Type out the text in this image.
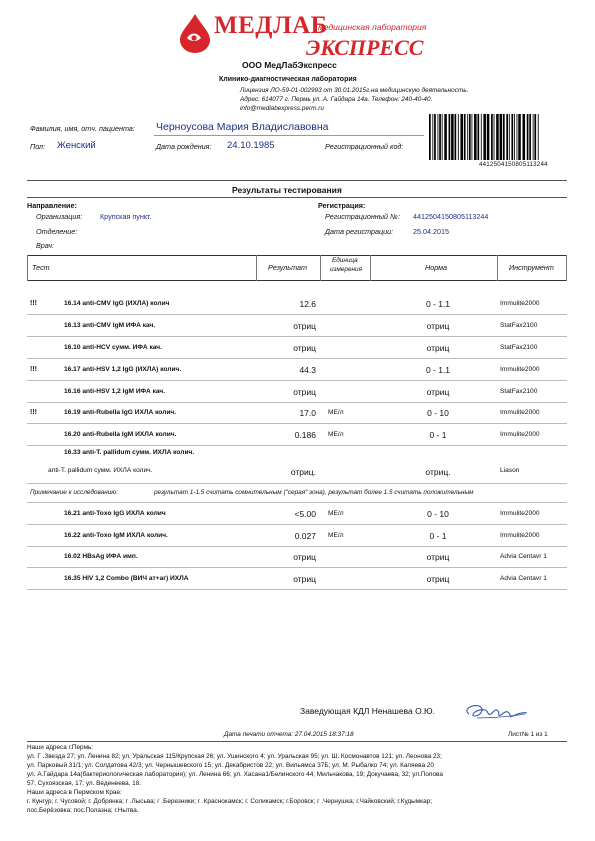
МЕДЛАБ
медицинская лаборатория
ЭКСПРЕСС
ООО МедЛабЭкспресс
Клинико-диагностическая лаборатория
Лицензия ЛО-59-01-002993 от 30.01.2015г.на медицинскую деятельность.
Адрес: 614077 г. Пермь ул. А. Гайдара 14а. Телефон: 240-40-40.
info@medlabexpress.perm.ru
4412504150805113244
Фамилия, имя, отч. пациента: Черноусова Мария Владиславовна
Пол: Женский	Дата рождения: 24.10.1985	Регистрационный код:
Результаты тестирования
Направление:
Организация: Крупская пункт.
Отделение:
Врач:
Регистрация:
Регистрационный №: 4412504150805113244
Дата регистрации:	25.04.2015
Тест	Результат
Единица
измерения	Норма	Инструмент
!!!	16.14 anti-CMV IgG (ИХЛА) колич	12.6	0 - 1.1	Immulite2000
16.13 anti-CMV IgM ИФА кач.	отриц	отриц	StatFax2100
16.10 anti-HCV сумм. ИФА кач.	отриц	отриц	StatFax2100
!!!	16.17 anti-HSV 1,2 IgG (ИХЛА) колич.	44.3	0 - 1.1	Immulite2000
16.16 anti-HSV 1,2 IgM ИФА кач.	отриц	отриц	StatFax2100
!!!	16.19 anti-Rubella IgG ИХЛА колич.	17.0 МЕ/л	0 - 10	Immulite2000
16.20 anti-Rubella IgM ИХЛА колич.	0.186 МЕ/л	0 - 1	Immulite2000
16.33 anti-T. pallidum сумм. ИХЛА колич.
anti-T. pallidum сумм. ИХЛА колич.	отриц.	отриц.	Liason
Примечание к исследованию:	результат 1-1.5 считать сомнительным ("серая" зона), результат более 1.5 считать положительным
16.21 anti-Toxo IgG ИХЛА колич	<5.00 МЕ/л	0 - 10	Immulite2000
16.22 anti-Toxo IgM ИХЛА колич.	0.027 МЕ/л	0 - 1	Immulite2000
16.02 HBsAg ИФА имп.	отриц	отриц	Advia Centavr 1
16.35 HIV 1,2 Combo (ВИЧ ат+аг) ИХЛА	отриц	отриц	Advia Centavr 1
Заведующая КДЛ Ненашева О.Ю.
Дата печати отчета: 27.04.2015 18:37:18	Лист№ 1 из 1
Наши адреса г.Пермь:
ул. Г .Звезда 27; ул. Ленина 82; ул. Уральская 115/Крупская 26; ул. Ушинского 4; ул. Уральская 95; ул. Ш. Космонавтов 121; ул. Леонова 23;
ул. Парковый 31/1; ул. Солдатова 42/3; ул. Чернышевского 15; ул. Декабристов 22; ул. Вильямса 37Б; ул. М. Рыбалко 74; ул. Каляева 20
ул. А.Гайдара 14а(бактериологическая лаборатория); ул. Ленина 66; ул. Хасана1/Белинского 44; Мильчакова, 19; Докучаева, 32; ул.Попова
57, Сухоязская, 17; ул. Веденеева, 18.
Наши адреса в Пермском Крае:
г. Кунгур; г. Чусовой; г. Добрянка; г .Лысьва; г .Березники; г .Краснокамск; г. Соликамск; г.Боровск; г .Чернушка; г.Чайковский; г.Кудымкар;
пос.Берёзовка; пос.Полазна; г.Нытва.
